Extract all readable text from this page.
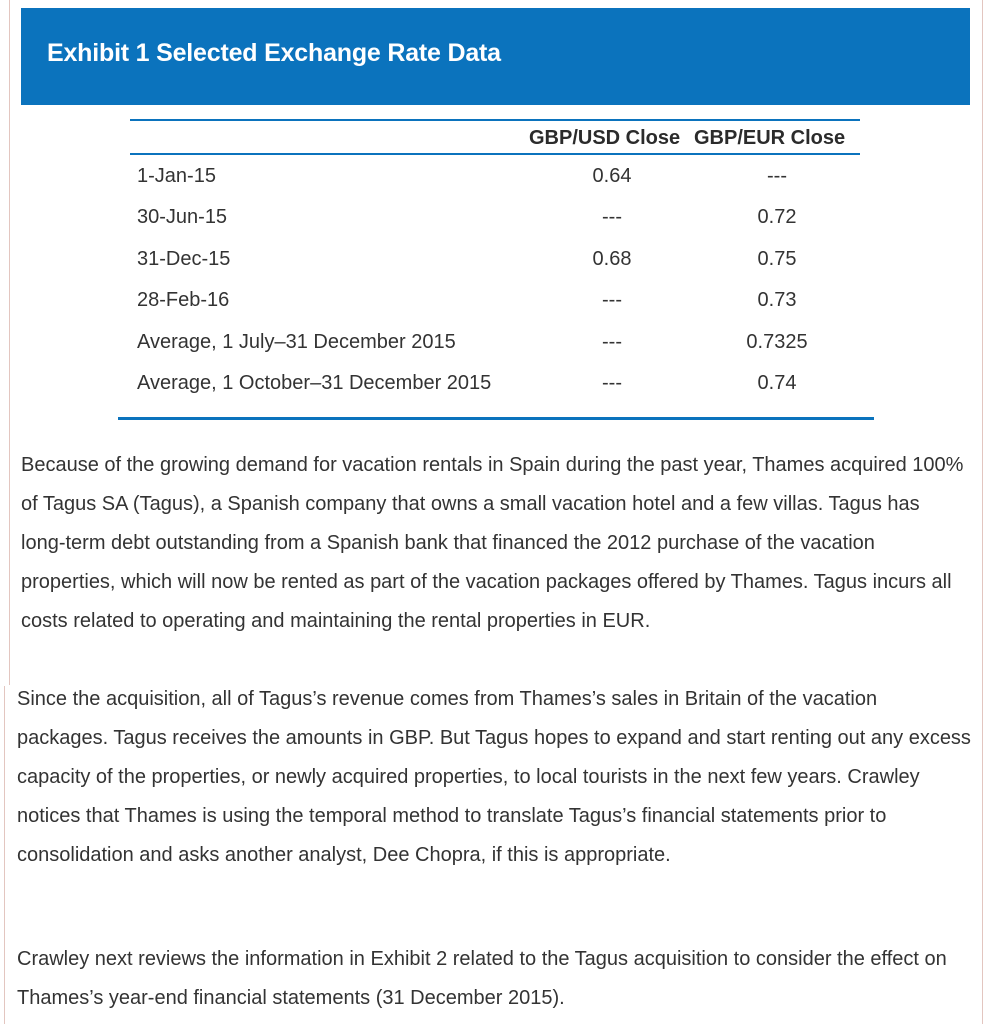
Exhibit 1 Selected Exchange Rate Data
GBP/USD Close GBP/EUR Close
1-Jan-15	0.64	---
30-Jun-15	---	0.72
31-Dec-15	0.68	0.75
28-Feb-16	---	0.73
Average, 1 July–31 December 2015	---	0.7325
Average, 1 October–31 December 2015	---	0.74

Because of the growing demand for vacation rentals in Spain during the past year, Thames acquired 100% of Tagus SA (Tagus), a Spanish company that owns a small vacation hotel and a few villas. Tagus has long-term debt outstanding from a Spanish bank that financed the 2012 purchase of the vacation properties, which will now be rented as part of the vacation packages offered by Thames. Tagus incurs all costs related to operating and maintaining the rental properties in EUR.

Since the acquisition, all of Tagus’s revenue comes from Thames’s sales in Britain of the vacation packages. Tagus receives the amounts in GBP. But Tagus hopes to expand and start renting out any excess capacity of the properties, or newly acquired properties, to local tourists in the next few years. Crawley notices that Thames is using the temporal method to translate Tagus’s financial statements prior to consolidation and asks another analyst, Dee Chopra, if this is appropriate.

Crawley next reviews the information in Exhibit 2 related to the Tagus acquisition to consider the effect on Thames’s year-end financial statements (31 December 2015).
